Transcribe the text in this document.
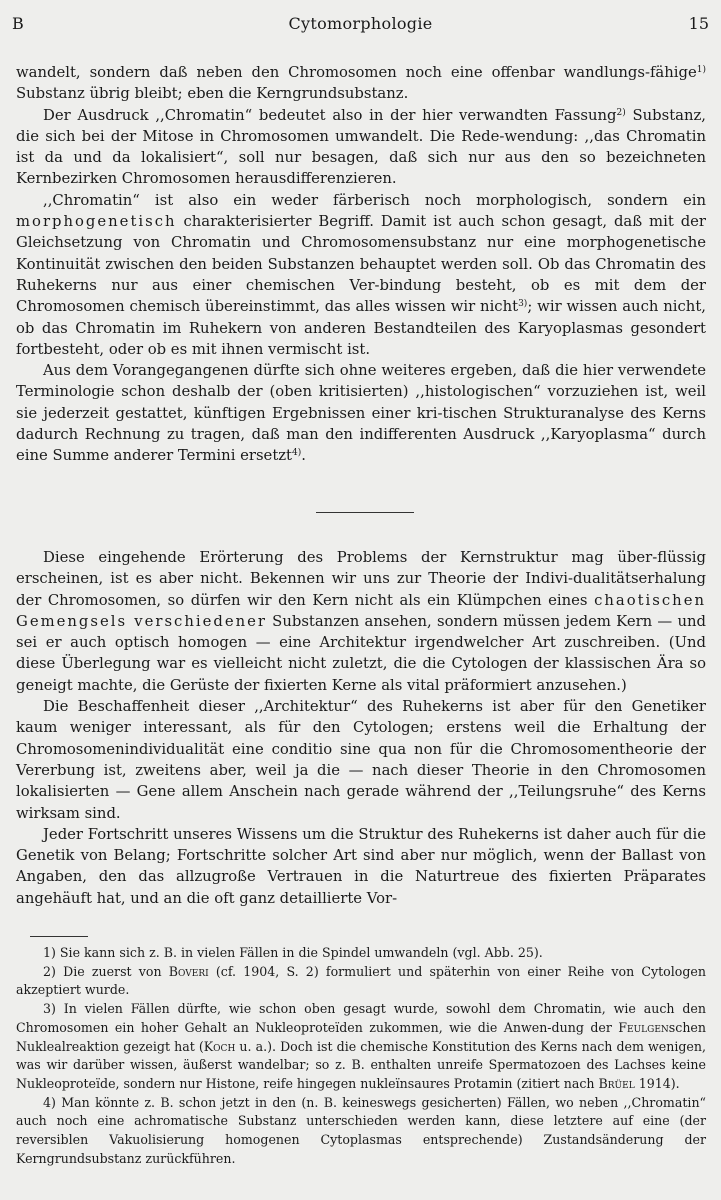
B	Cytomorphologie	15

wandelt, sondern daß neben den Chromosomen noch eine offenbar wandlungs-fähige$^{1)}$ Substanz übrig bleibt; eben die Kerngrundsubstanz.

Der Ausdruck ,,Chromatin“ bedeutet also in der hier verwandten Fassung$^{2)}$ Substanz, die sich bei der Mitose in Chromosomen umwandelt. Die Rede-wendung: ,,das Chromatin ist da und da lokalisiert“, soll nur besagen, daß sich nur aus den so bezeichneten Kernbezirken Chromosomen herausdifferenzieren.

,,Chromatin“ ist also ein weder färberisch noch morphologisch, sondern ein morphogenetisch charakterisierter Begriff. Damit ist auch schon gesagt, daß mit der Gleichsetzung von Chromatin und Chromosomensubstanz nur eine morphogenetische Kontinuität zwischen den beiden Substanzen behauptet werden soll. Ob das Chromatin des Ruhekerns nur aus einer chemischen Ver-bindung besteht, ob es mit dem der Chromosomen chemisch übereinstimmt, das alles wissen wir nicht$^{3)}$; wir wissen auch nicht, ob das Chromatin im Ruhekern von anderen Bestandteilen des Karyoplasmas gesondert fortbesteht, oder ob es mit ihnen vermischt ist.

Aus dem Vorangegangenen dürfte sich ohne weiteres ergeben, daß die hier verwendete Terminologie schon deshalb der (oben kritisierten) ,,histologischen“ vorzuziehen ist, weil sie jederzeit gestattet, künftigen Ergebnissen einer kri-tischen Strukturanalyse des Kerns dadurch Rechnung zu tragen, daß man den indifferenten Ausdruck ,,Karyoplasma“ durch eine Summe anderer Termini ersetzt$^{4)}$.

Diese eingehende Erörterung des Problems der Kernstruktur mag über-flüssig erscheinen, ist es aber nicht. Bekennen wir uns zur Theorie der Indivi-dualitätserhalung der Chromosomen, so dürfen wir den Kern nicht als ein Klümpchen eines chaotischen Gemengsels verschiedener Substanzen ansehen, sondern müssen jedem Kern — und sei er auch optisch homogen — eine Architektur irgendwelcher Art zuschreiben. (Und diese Überlegung war es vielleicht nicht zuletzt, die die Cytologen der klassischen Ära so geneigt machte, die Gerüste der fixierten Kerne als vital präformiert anzusehen.)

Die Beschaffenheit dieser ,,Architektur“ des Ruhekerns ist aber für den Genetiker kaum weniger interessant, als für den Cytologen; erstens weil die Erhaltung der Chromosomenindividualität eine conditio sine qua non für die Chromosomentheorie der Vererbung ist, zweitens aber, weil ja die — nach dieser Theorie in den Chromosomen lokalisierten — Gene allem Anschein nach gerade während der ,,Teilungsruhe“ des Kerns wirksam sind.

Jeder Fortschritt unseres Wissens um die Struktur des Ruhekerns ist daher auch für die Genetik von Belang; Fortschritte solcher Art sind aber nur möglich, wenn der Ballast von Angaben, den das allzugroße Vertrauen in die Naturtreue des fixierten Präparates angehäuft hat, und an die oft ganz detaillierte Vor-

1) Sie kann sich z. B. in vielen Fällen in die Spindel umwandeln (vgl. Abb. 25).

2) Die zuerst von Boveri (cf. 1904, S. 2) formuliert und späterhin von einer Reihe von Cytologen akzeptiert wurde.

3) In vielen Fällen dürfte, wie schon oben gesagt wurde, sowohl dem Chromatin, wie auch den Chromosomen ein hoher Gehalt an Nukleoproteïden zukommen, wie die Anwen-dung der Feulgenschen Nuklealreaktion gezeigt hat (Koch u. a.). Doch ist die chemische Konstitution des Kerns nach dem wenigen, was wir darüber wissen, äußerst wandelbar; so z. B. enthalten unreife Spermatozoen des Lachses keine Nukleoproteïde, sondern nur Histone, reife hingegen nukleïnsaures Protamin (zitiert nach Brüel 1914).

4) Man könnte z. B. schon jetzt in den (n. B. keineswegs gesicherten) Fällen, wo neben ,,Chromatin“ auch noch eine achromatische Substanz unterschieden werden kann, diese letztere auf eine (der reversiblen Vakuolisierung homogenen Cytoplasmas entsprechende) Zustandsänderung der Kerngrundsubstanz zurückführen.
